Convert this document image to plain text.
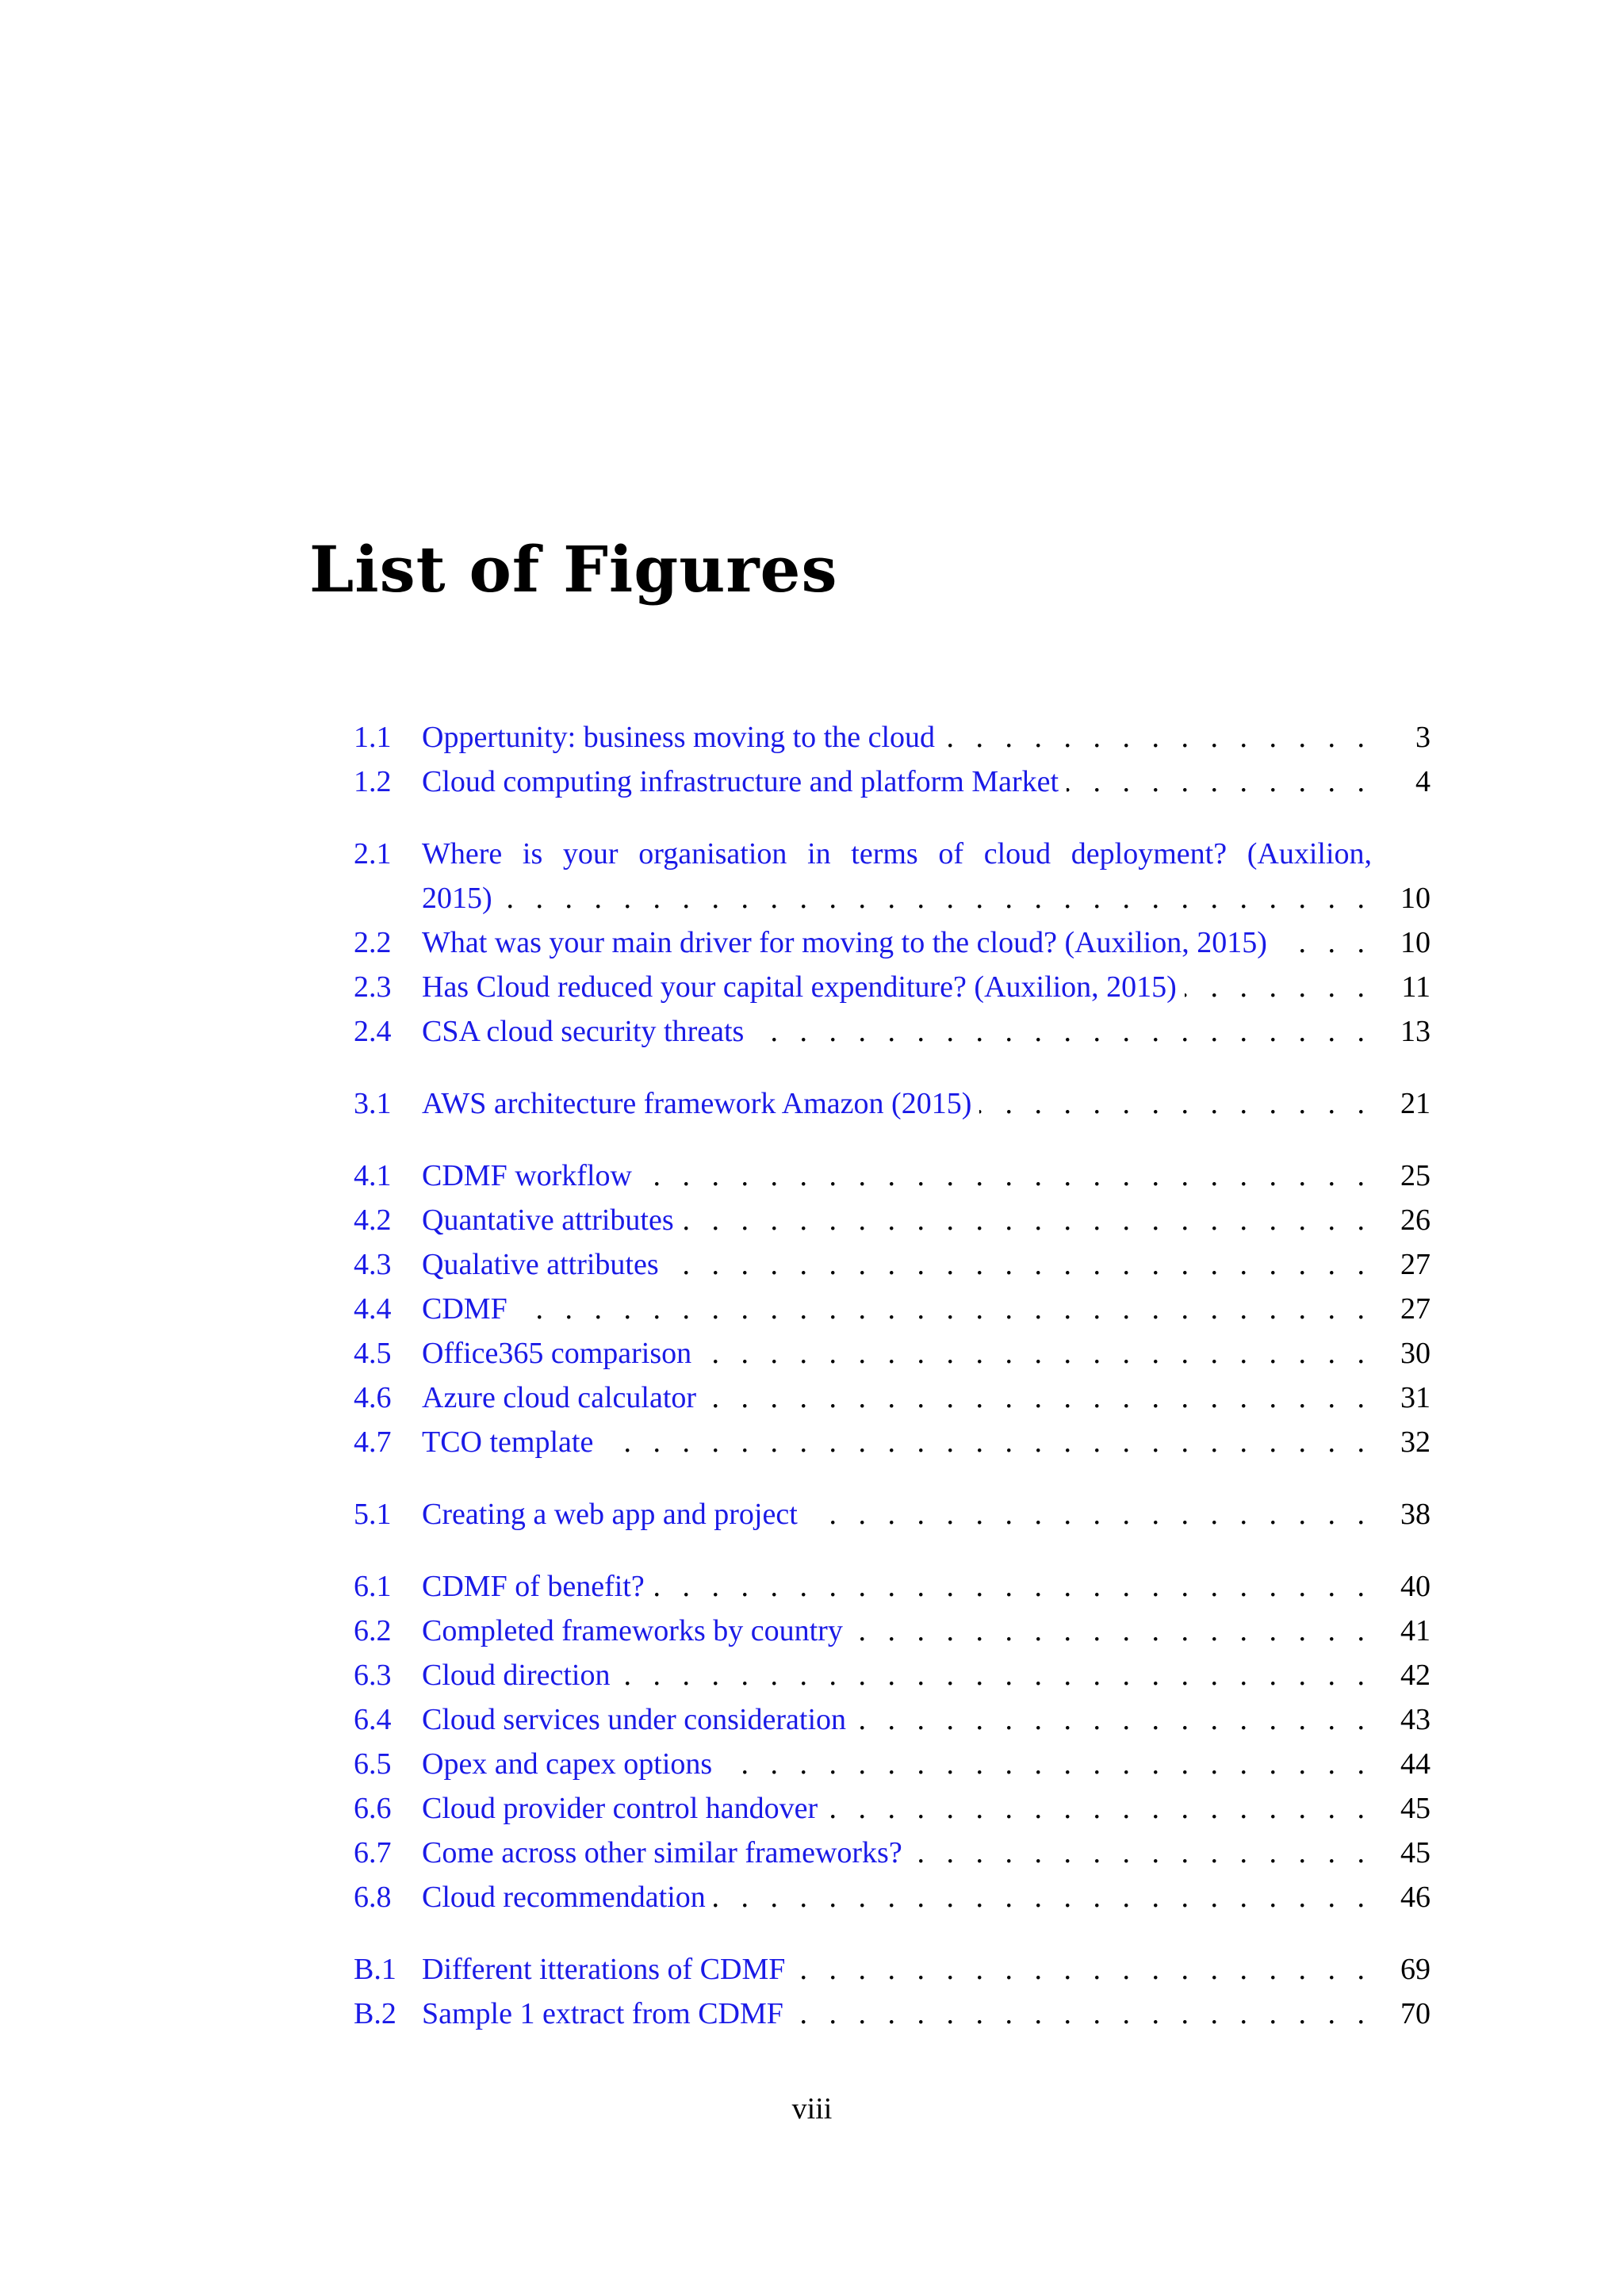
List of Figures
1.1	Oppertunity: business moving to the cloud . . .	3
1.2	Cloud computing infrastructure and platform Market . . .	4
2.1	Where is your organisation in terms of cloud deployment? (Auxilion,
2015) . . .	10
2.2	What was your main driver for moving to the cloud? (Auxilion, 2015) . . .	10
2.3	Has Cloud reduced your capital expenditure? (Auxilion, 2015) . . .	11
2.4	CSA cloud security threats . . .	13
3.1	AWS architecture framework Amazon (2015) . . .	21
4.1	CDMF workflow . . .	25
4.2	Quantative attributes . . .	26
4.3	Qualative attributes . . .	27
4.4	CDMF . . .	27
4.5	Office365 comparison . . .	30
4.6	Azure cloud calculator . . .	31
4.7	TCO template . . .	32
5.1	Creating a web app and project . . .	38
6.1	CDMF of benefit? . . .	40
6.2	Completed frameworks by country . . .	41
6.3	Cloud direction . . .	42
6.4	Cloud services under consideration . . .	43
6.5	Opex and capex options . . .	44
6.6	Cloud provider control handover . . .	45
6.7	Come across other similar frameworks? . . .	45
6.8	Cloud recommendation . . .	46
B.1 Different itterations of CDMF . . .	69
B.2 Sample 1 extract from CDMF . . .	70
viii
